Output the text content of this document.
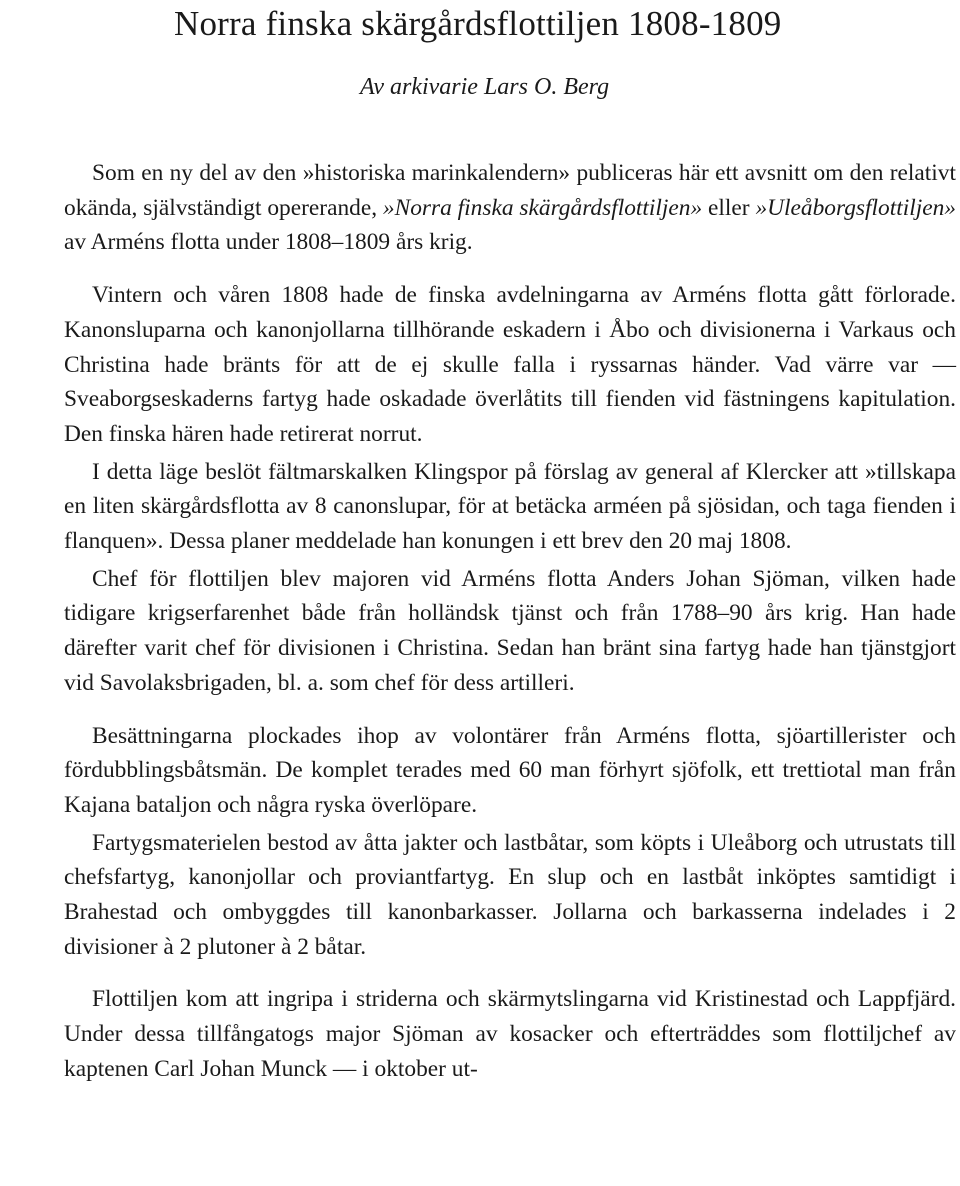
Norra finska skärgårdsflottiljen 1808-1809

Av arkivarie Lars O. Berg

Som en ny del av den »historiska marinkalendern» publiceras här ett avsnitt om den relativt okända, självständigt opererande, »Norra finska skärgårdsflottiljen» eller »Uleåborgsflottiljen» av Arméns flotta under 1808–1809 års krig.

Vintern och våren 1808 hade de finska avdelningarna av Arméns flotta gått förlorade. Kanonsluparna och kanonjollarna tillhörande eskadern i Åbo och divisionerna i Varkaus och Christina hade bränts för att de ej skulle falla i ryssarnas händer. Vad värre var — Sveaborgseskaderns fartyg hade oskadade överlåtits till fienden vid fästningens kapitulation. Den finska hären hade retirerat norrut.

I detta läge beslöt fältmarskalken Klingspor på förslag av general af Klercker att »tillskapa en liten skärgårdsflotta av 8 canonslupar, för at betäcka arméen på sjösidan, och taga fienden i flanquen». Dessa planer meddelade han konungen i ett brev den 20 maj 1808.

Chef för flottiljen blev majoren vid Arméns flotta Anders Johan Sjöman, vilken hade tidigare krigserfarenhet både från holländsk tjänst och från 1788–90 års krig. Han hade därefter varit chef för divisionen i Christina. Sedan han bränt sina fartyg hade han tjänstgjort vid Savolaksbrigaden, bl. a. som chef för dess artilleri.

Besättningarna plockades ihop av volontärer från Arméns flotta, sjöartillerister och fördubblingsbåtsmän. De komplet terades med 60 man förhyrt sjöfolk, ett trettiotal man från Kajana bataljon och några ryska överlöpare.

Fartygsmaterielen bestod av åtta jakter och lastbåtar, som köpts i Uleåborg och utrustats till chefsfartyg, kanonjollar och proviantfartyg. En slup och en lastbåt inköptes samtidigt i Brahestad och ombyggdes till kanonbarkasser. Jollarna och barkasserna indelades i 2 divisioner à 2 plutoner à 2 båtar.

Flottiljen kom att ingripa i striderna och skärmytslingarna vid Kristinestad och Lappfjärd. Under dessa tillfångatogs major Sjöman av kosacker och efterträddes som flottiljchef av kaptenen Carl Johan Munck — i oktober ut-
